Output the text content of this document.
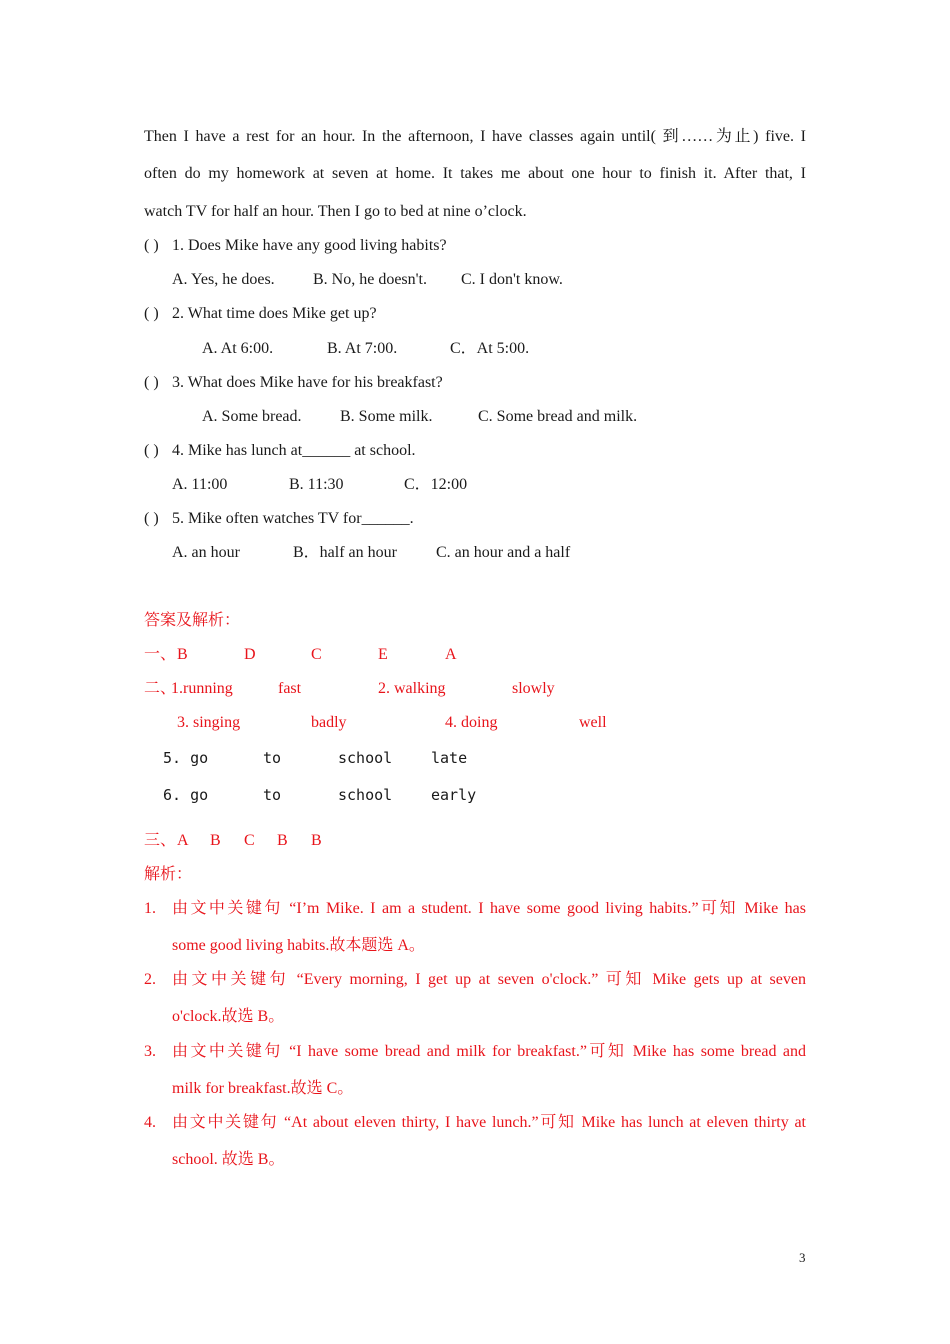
Then I have a rest for an hour. In the afternoon, I have classes again until( 到……为止) five. I
often do my homework at seven at home. It takes me about one hour to finish it. After that, I
watch TV for half an hour. Then I go to bed at nine o’clock.
( ) 1. Does Mike have any good living habits?
A. Yes, he does. B. No, he doesn't. C. I don't know.
( ) 2. What time does Mike get up?
A. At 6:00.	B. At 7:00.	C．At 5:00.
( ) 3. What does Mike have for his breakfast?
A. Some bread. B. Some milk.	C. Some bread and milk.
( ) 4. Mike has lunch at______ at school.
A. 11:00	B. 11:30	C．12:00
( ) 5. Mike often watches TV for______.
A. an hour	B．half an hour C. an hour and a half
答案及解析：
一、 B	D	C	E	A
二、
1.running	fast	2. walking	slowly
3. singing	badly	4. doing	well
5. go	to	school	late
6. go	to	school	early
三、 A B C B B
解析：
1. 由文中关键句 “I’m Mike. I am a student. I have some good living habits.”可知 Mike has
some good living habits.故本题选 A。
2. 由文中关键句 “Every morning, I get up at seven o'clock.” 可知 Mike gets up at seven
o'clock.故选 B。
3. 由文中关键句 “I have some bread and milk for breakfast.”可知 Mike has some bread and
milk for breakfast.故选 C。
4. 由文中关键句 “At about eleven thirty, I have lunch.”可知 Mike has lunch at eleven thirty at
school. 故选 B。
3
